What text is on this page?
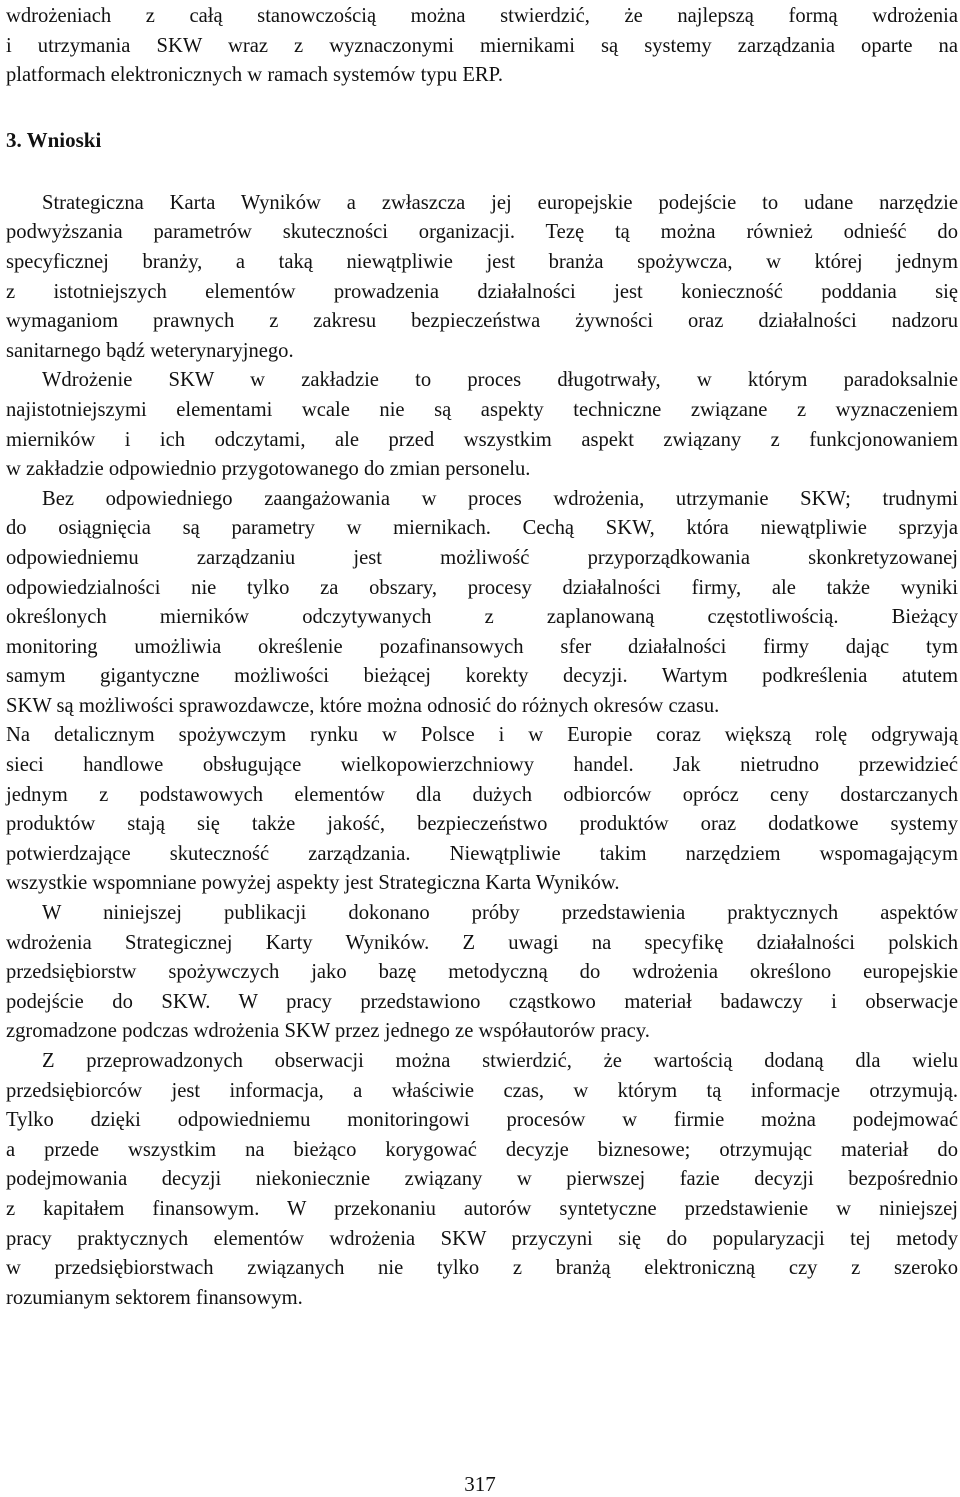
wdrożeniach z całą stanowczością można stwierdzić, że najlepszą formą wdrożenia
i utrzymania SKW wraz z wyznaczonymi miernikami są systemy zarządzania oparte na
platformach elektronicznych w ramach systemów typu ERP.
3. Wnioski
Strategiczna Karta Wyników a zwłaszcza jej europejskie podejście to udane narzędzie
podwyższania parametrów skuteczności organizacji. Tezę tą można również odnieść do
specyficznej branży, a taką niewątpliwie jest branża spożywcza, w której jednym
z istotniejszych elementów prowadzenia działalności jest konieczność poddania się
wymaganiom prawnych z zakresu bezpieczeństwa żywności oraz działalności nadzoru
sanitarnego bądź weterynaryjnego.
Wdrożenie SKW w zakładzie to proces długotrwały, w którym paradoksalnie
najistotniejszymi elementami wcale nie są aspekty techniczne związane z wyznaczeniem
mierników i ich odczytami, ale przed wszystkim aspekt związany z funkcjonowaniem
w zakładzie odpowiednio przygotowanego do zmian personelu.
Bez odpowiedniego zaangażowania w proces wdrożenia, utrzymanie SKW; trudnymi
do osiągnięcia są parametry w miernikach. Cechą SKW, która niewątpliwie sprzyja
odpowiedniemu zarządzaniu jest możliwość przyporządkowania skonkretyzowanej
odpowiedzialności nie tylko za obszary, procesy działalności firmy, ale także wyniki
określonych mierników odczytywanych z zaplanowaną częstotliwością. Bieżący
monitoring umożliwia określenie pozafinansowych sfer działalności firmy dając tym
samym gigantyczne możliwości bieżącej korekty decyzji. Wartym podkreślenia atutem
SKW są możliwości sprawozdawcze, które można odnosić do różnych okresów czasu.
Na detalicznym spożywczym rynku w Polsce i w Europie coraz większą rolę odgrywają
sieci handlowe obsługujące wielkopowierzchniowy handel. Jak nietrudno przewidzieć
jednym z podstawowych elementów dla dużych odbiorców oprócz ceny dostarczanych
produktów stają się także jakość, bezpieczeństwo produktów oraz dodatkowe systemy
potwierdzające skuteczność zarządzania. Niewątpliwie takim narzędziem wspomagającym
wszystkie wspomniane powyżej aspekty jest Strategiczna Karta Wyników.
W niniejszej publikacji dokonano próby przedstawienia praktycznych aspektów
wdrożenia Strategicznej Karty Wyników. Z uwagi na specyfikę działalności polskich
przedsiębiorstw spożywczych jako bazę metodyczną do wdrożenia określono europejskie
podejście do SKW. W pracy przedstawiono cząstkowo materiał badawczy i obserwacje
zgromadzone podczas wdrożenia SKW przez jednego ze współautorów pracy.
Z przeprowadzonych obserwacji można stwierdzić, że wartością dodaną dla wielu
przedsiębiorców jest informacja, a właściwie czas, w którym tą informacje otrzymują.
Tylko dzięki odpowiedniemu monitoringowi procesów w firmie można podejmować
a przede wszystkim na bieżąco korygować decyzje biznesowe; otrzymując materiał do
podejmowania decyzji niekoniecznie związany w pierwszej fazie decyzji bezpośrednio
z kapitałem finansowym. W przekonaniu autorów syntetyczne przedstawienie w niniejszej
pracy praktycznych elementów wdrożenia SKW przyczyni się do popularyzacji tej metody
w przedsiębiorstwach związanych nie tylko z branżą elektroniczną czy z szeroko
rozumianym sektorem finansowym.
317
